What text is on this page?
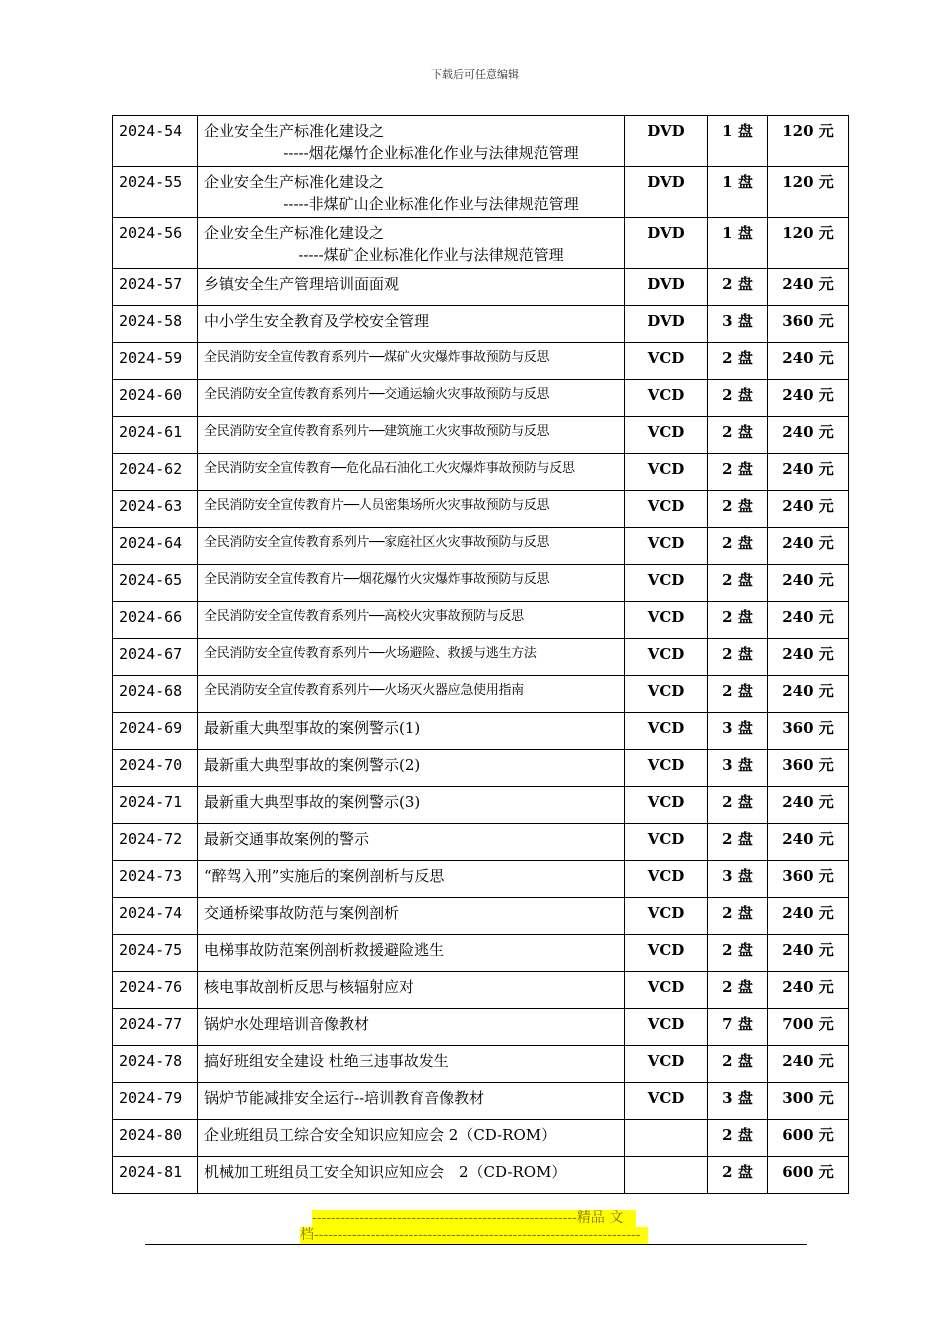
下载后可任意编辑
2024-54	企业安全生产标准化建设之
-----烟花爆竹企业标准化作业与法律规范管理	DVD	1 盘	120 元
2024-55	企业安全生产标准化建设之
-----非煤矿山企业标准化作业与法律规范管理	DVD	1 盘	120 元
2024-56	企业安全生产标准化建设之
-----煤矿企业标准化作业与法律规范管理	DVD	1 盘	120 元
2024-57	乡镇安全生产管理培训面面观	DVD	2 盘	240 元
2024-58	中小学生安全教育及学校安全管理	DVD	3 盘	360 元
2024-59	全民消防安全宣传教育系列片──煤矿火灾爆炸事故预防与反思	VCD	2 盘	240 元
2024-60	全民消防安全宣传教育系列片──交通运输火灾事故预防与反思	VCD	2 盘	240 元
2024-61	全民消防安全宣传教育系列片──建筑施工火灾事故预防与反思	VCD	2 盘	240 元
2024-62	全民消防安全宣传教育──危化品石油化工火灾爆炸事故预防与反思	VCD	2 盘	240 元
2024-63	全民消防安全宣传教育片──人员密集场所火灾事故预防与反思	VCD	2 盘	240 元
2024-64	全民消防安全宣传教育系列片──家庭社区火灾事故预防与反思	VCD	2 盘	240 元
2024-65	全民消防安全宣传教育片──烟花爆竹火灾爆炸事故预防与反思	VCD	2 盘	240 元
2024-66	全民消防安全宣传教育系列片──高校火灾事故预防与反思	VCD	2 盘	240 元
2024-67	全民消防安全宣传教育系列片──火场避险、救援与逃生方法	VCD	2 盘	240 元
2024-68	全民消防安全宣传教育系列片──火场灭火器应急使用指南	VCD	2 盘	240 元
2024-69	最新重大典型事故的案例警示(1)	VCD	3 盘	360 元
2024-70	最新重大典型事故的案例警示(2)	VCD	3 盘	360 元
2024-71	最新重大典型事故的案例警示(3)	VCD	2 盘	240 元
2024-72	最新交通事故案例的警示	VCD	2 盘	240 元
2024-73	“醉驾入刑”实施后的案例剖析与反思	VCD	3 盘	360 元
2024-74	交通桥梁事故防范与案例剖析	VCD	2 盘	240 元
2024-75	电梯事故防范案例剖析救援避险逃生	VCD	2 盘	240 元
2024-76	核电事故剖析反思与核辐射应对	VCD	2 盘	240 元
2024-77	锅炉水处理培训音像教材	VCD	7 盘	700 元
2024-78	搞好班组安全建设 杜绝三违事故发生	VCD	2 盘	240 元
2024-79	锅炉节能减排安全运行--培训教育音像教材	VCD	3 盘	300 元
2024-80	企业班组员工综合安全知识应知应会 2（CD-ROM）		2 盘	600 元
2024-81	机械加工班组员工安全知识应知应会　2（CD-ROM）		2 盘	600 元
--------------------------------------------------------精品 文
档---------------------------------------------------------------------
